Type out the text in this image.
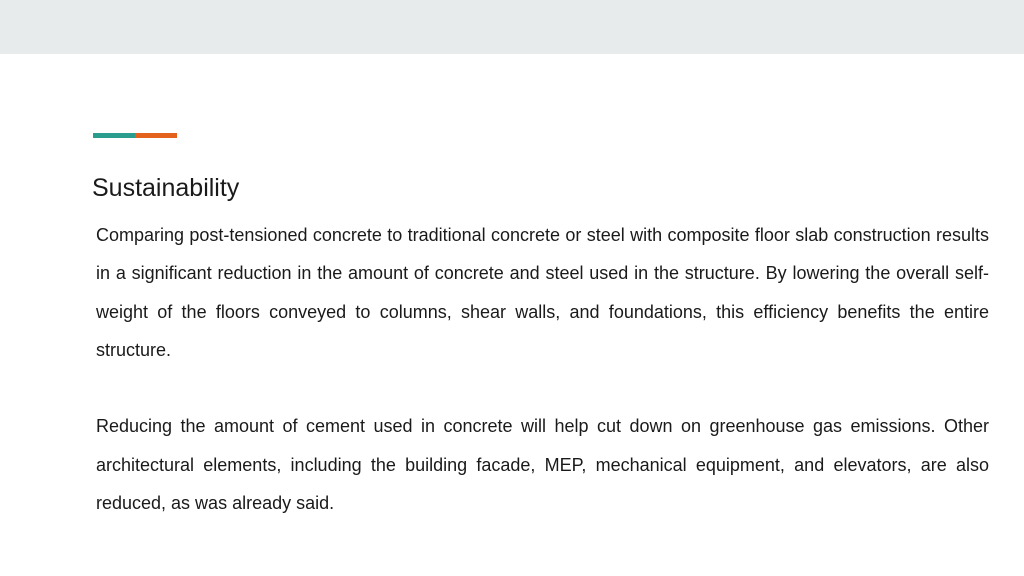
Sustainability

Comparing post-tensioned concrete to traditional concrete or steel with composite floor slab construction results in a significant reduction in the amount of concrete and steel used in the structure. By lowering the overall self-weight of the floors conveyed to columns, shear walls, and foundations, this efficiency benefits the entire structure.

Reducing the amount of cement used in concrete will help cut down on greenhouse gas emissions. Other architectural elements, including the building facade, MEP, mechanical equipment, and elevators, are also reduced, as was already said.
